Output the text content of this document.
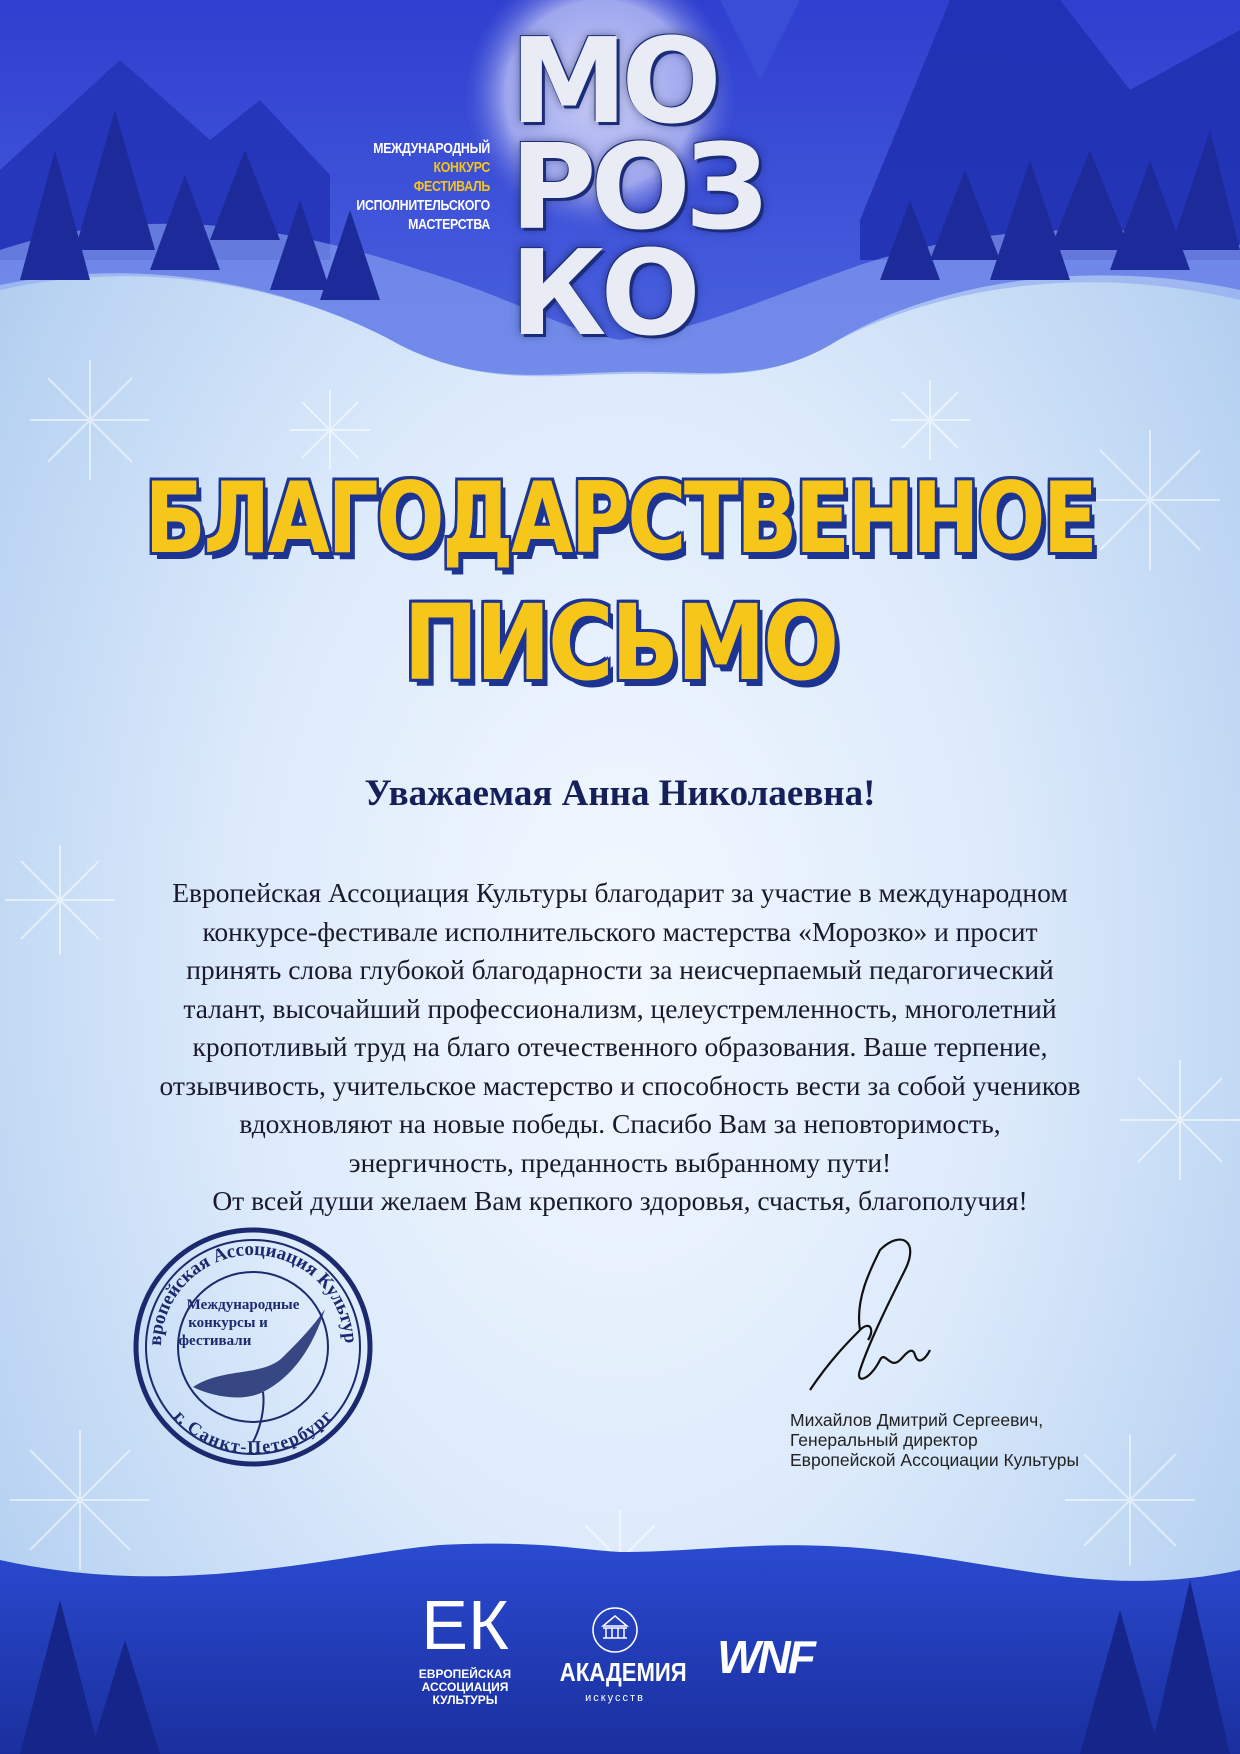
Европейская Ассоциация Культуры
г. Санкт-Петербург
Международные
конкурсы и
фестивали
МЕЖДУНАРОДНЫЙ
КОНКУРС
ФЕСТИВАЛЬ
ИСПОЛНИТЕЛЬСКОГО
МАСТЕРСТВА
МО
РОЗ
КО
БЛАГОДАРСТВЕННОЕ
ПИСЬМО
Уважаемая Анна Николаевна!
Европейская Ассоциация Культуры благодарит за участие в международном
конкурсе-фестивале исполнительского мастерства «Морозко» и просит
принять слова глубокой благодарности за неисчерпаемый педагогический
талант, высочайший профессионализм, целеустремленность, многолетний
кропотливый труд на благо отечественного образования. Ваше терпение,
отзывчивость, учительское мастерство и способность вести за собой учеников
вдохновляют на новые победы. Спасибо Вам за неповторимость,
энергичность, преданность выбранному пути!
От всей души желаем Вам крепкого здоровья, счастья, благополучия!
Михайлов Дмитрий Сергеевич,
Генеральный директор
Европейской Ассоциации Культуры
ЕК
ЕВРОПЕЙСКАЯ
АССОЦИАЦИЯ
КУЛЬТУРЫ
АКАДЕМИЯ
искусств
WNF
